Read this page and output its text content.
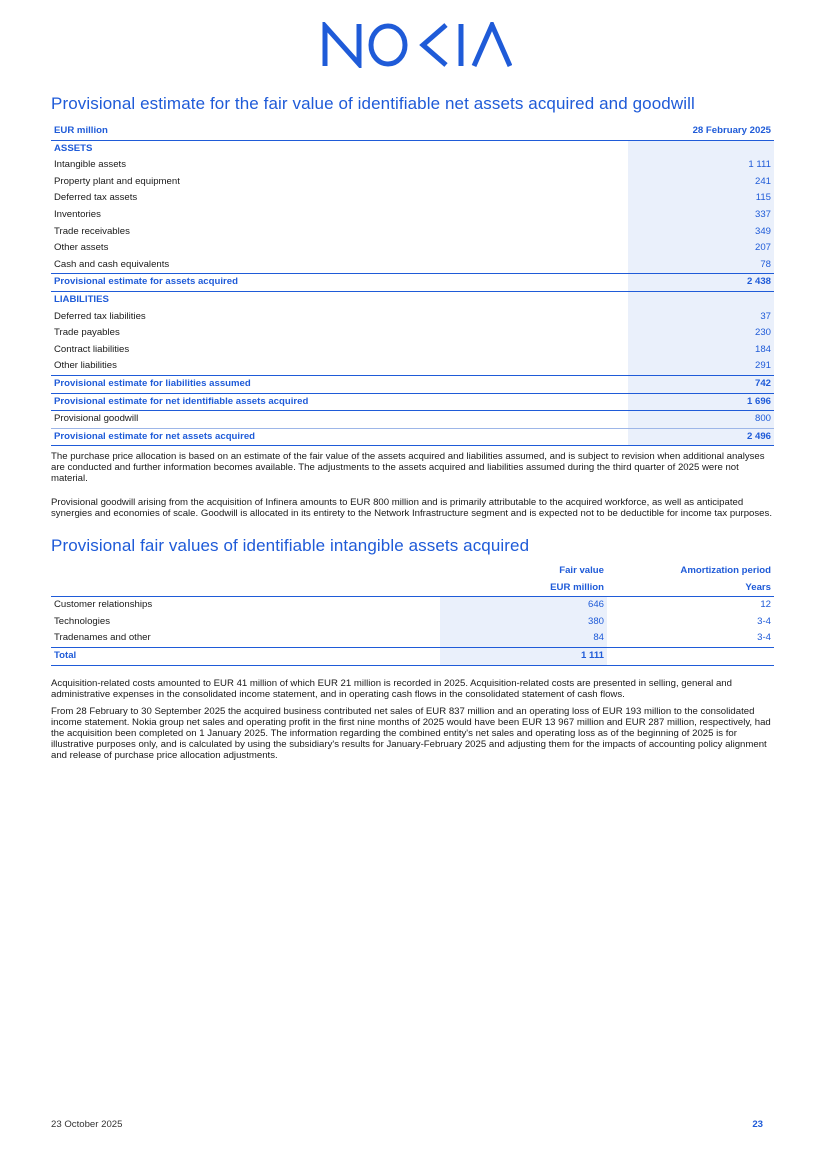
Provisional estimate for the fair value of identifiable net assets acquired and goodwill
EUR million	28 February 2025
ASSETS	
Intangible assets	1 111
Property plant and equipment	241
Deferred tax assets	115
Inventories	337
Trade receivables	349
Other assets	207
Cash and cash equivalents	78
Provisional estimate for assets acquired	2 438
LIABILITIES	
Deferred tax liabilities	37
Trade payables	230
Contract liabilities	184
Other liabilities	291
Provisional estimate for liabilities assumed	742
Provisional estimate for net identifiable assets acquired	1 696
Provisional goodwill	800
Provisional estimate for net assets acquired	2 496

The purchase price allocation is based on an estimate of the fair value of the assets acquired and liabilities assumed, and is subject to revision when additional analyses are conducted and further information becomes available. The adjustments to the assets acquired and liabilities assumed during the third quarter of 2025 were not material.

Provisional goodwill arising from the acquisition of Infinera amounts to EUR 800 million and is primarily attributable to the acquired workforce, as well as anticipated synergies and economies of scale. Goodwill is allocated in its entirety to the Network Infrastructure segment and is expected not to be deductible for income tax purposes.

Provisional fair values of identifiable intangible assets acquired
	Fair value	Amortization period
	EUR million	Years
Customer relationships	646	12
Technologies	380	3-4
Tradenames and other	84	3-4
Total	1 111	

Acquisition-related costs amounted to EUR 41 million of which EUR 21 million is recorded in 2025. Acquisition-related costs are presented in selling, general and administrative expenses in the consolidated income statement, and in operating cash flows in the consolidated statement of cash flows.

From 28 February to 30 September 2025 the acquired business contributed net sales of EUR 837 million and an operating loss of EUR 193 million to the consolidated income statement. Nokia group net sales and operating profit in the first nine months of 2025 would have been EUR 13 967 million and EUR 287 million, respectively, had the acquisition been completed on 1 January 2025. The information regarding the combined entity's net sales and operating loss as of the beginning of 2025 is for illustrative purposes only, and is calculated by using the subsidiary's results for January-February 2025 and adjusting them for the impacts of accounting policy alignment and release of purchase price allocation adjustments.

23 October 2025	23
